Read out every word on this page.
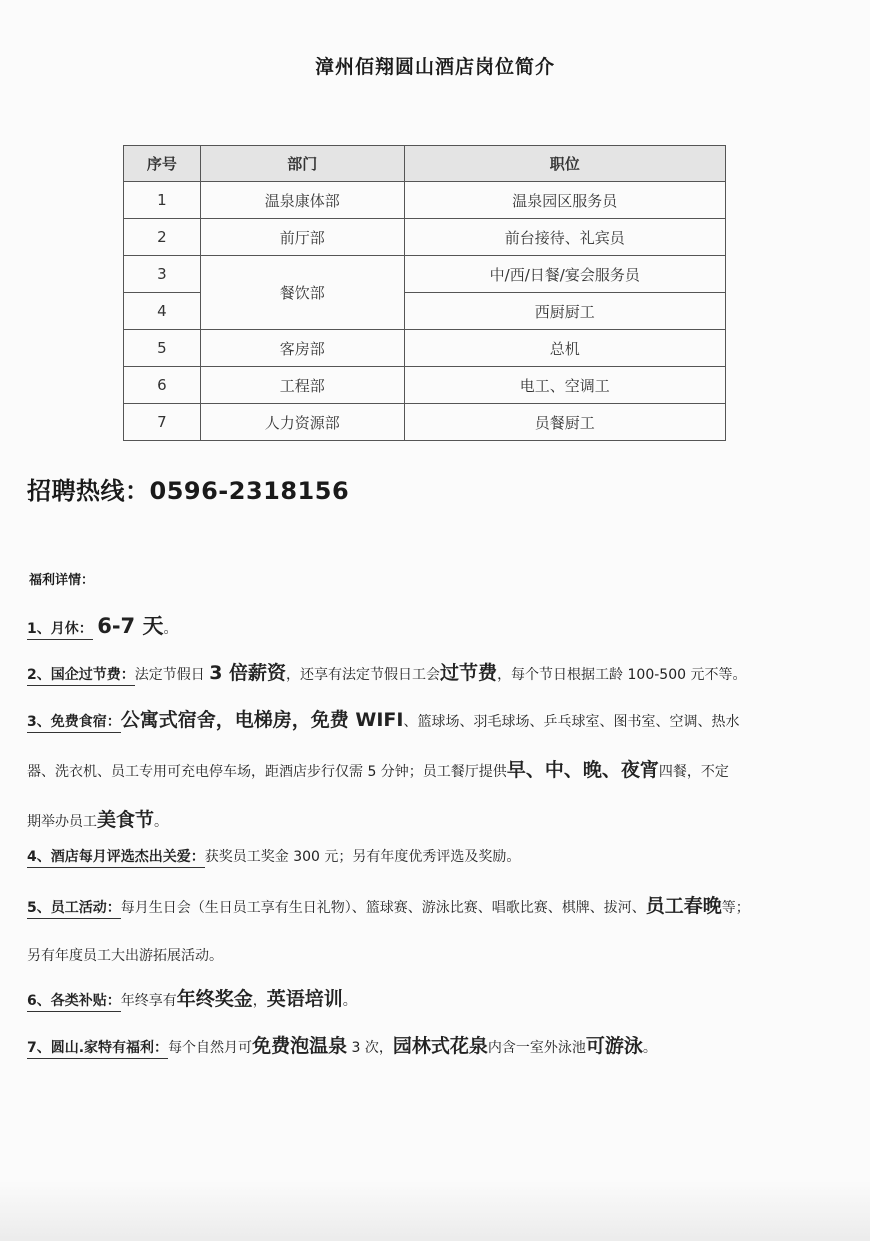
漳州佰翔圆山酒店岗位简介
序号	部门	职位
1	温泉康体部	温泉园区服务员
2	前厅部	前台接待、礼宾员
3	餐饮部	中/西/日餐/宴会服务员
4		西厨厨工
5	客房部	总机
6	工程部	电工、空调工
7	人力资源部	员餐厨工
招聘热线：0596-2318156
福利详情：
1、月休： 6-7 天。
2、国企过节费：法定节假日 3 倍薪资，还享有法定节假日工会过节费，每个节日根据工龄 100-500 元不等。
3、免费食宿：公寓式宿舍，电梯房，免费 WIFI、篮球场、羽毛球场、乒乓球室、图书室、空调、热水
器、洗衣机、员工专用可充电停车场，距酒店步行仅需 5 分钟；员工餐厅提供早、中、晚、夜宵四餐，不定
期举办员工美食节。
4、酒店每月评选杰出关爱：获奖员工奖金 300 元；另有年度优秀评选及奖励。
5、员工活动：每月生日会（生日员工享有生日礼物）、篮球赛、游泳比赛、唱歌比赛、棋牌、拔河、员工春晚等；
另有年度员工大出游拓展活动。
6、各类补贴：年终享有年终奖金，英语培训。
7、圆山.家特有福利：每个自然月可免费泡温泉 3 次，园林式花泉内含一室外泳池可游泳。
